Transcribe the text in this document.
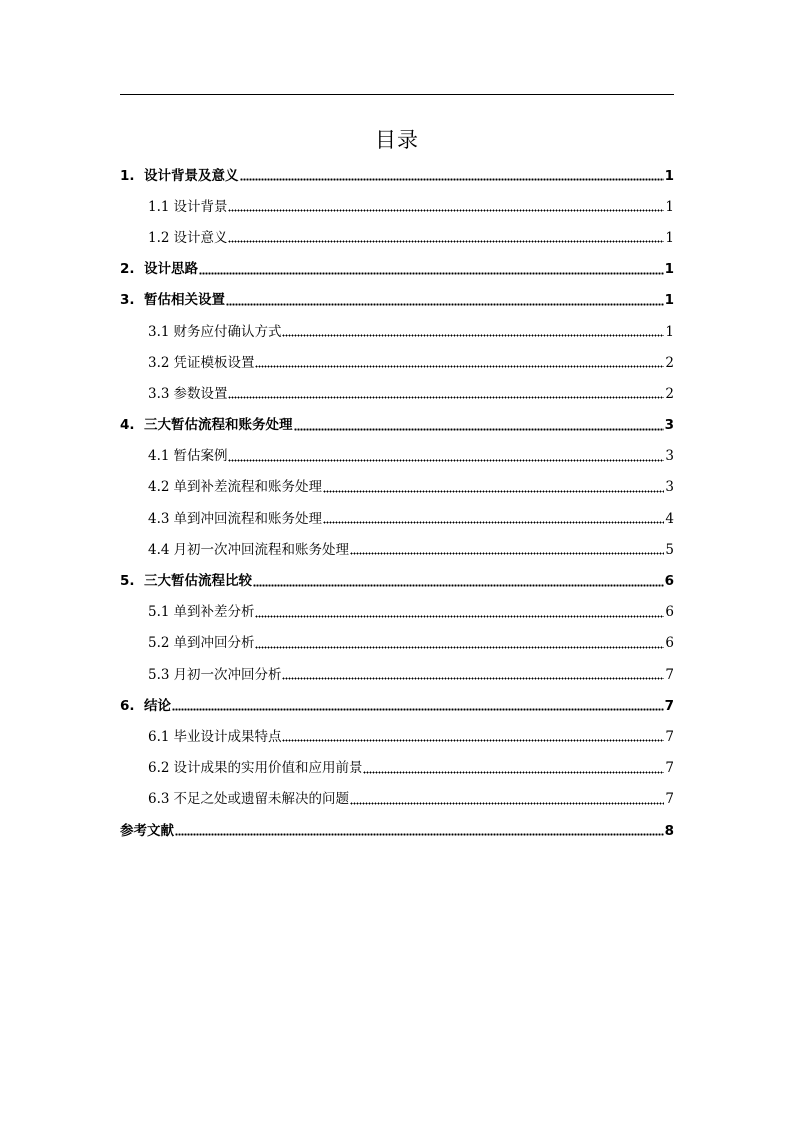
目录
1. 设计背景及意义	1
1.1 设计背景	1
1.2 设计意义	1
2. 设计思路	1
3. 暂估相关设置	1
3.1 财务应付确认方式	1
3.2 凭证模板设置	2
3.3 参数设置	2
4. 三大暂估流程和账务处理	3
4.1 暂估案例	3
4.2 单到补差流程和账务处理	3
4.3 单到冲回流程和账务处理	4
4.4 月初一次冲回流程和账务处理	5
5. 三大暂估流程比较	6
5.1 单到补差分析	6
5.2 单到冲回分析	6
5.3 月初一次冲回分析	7
6. 结论	7
6.1 毕业设计成果特点	7
6.2 设计成果的实用价值和应用前景	7
6.3 不足之处或遗留未解决的问题	7
参考文献	8
